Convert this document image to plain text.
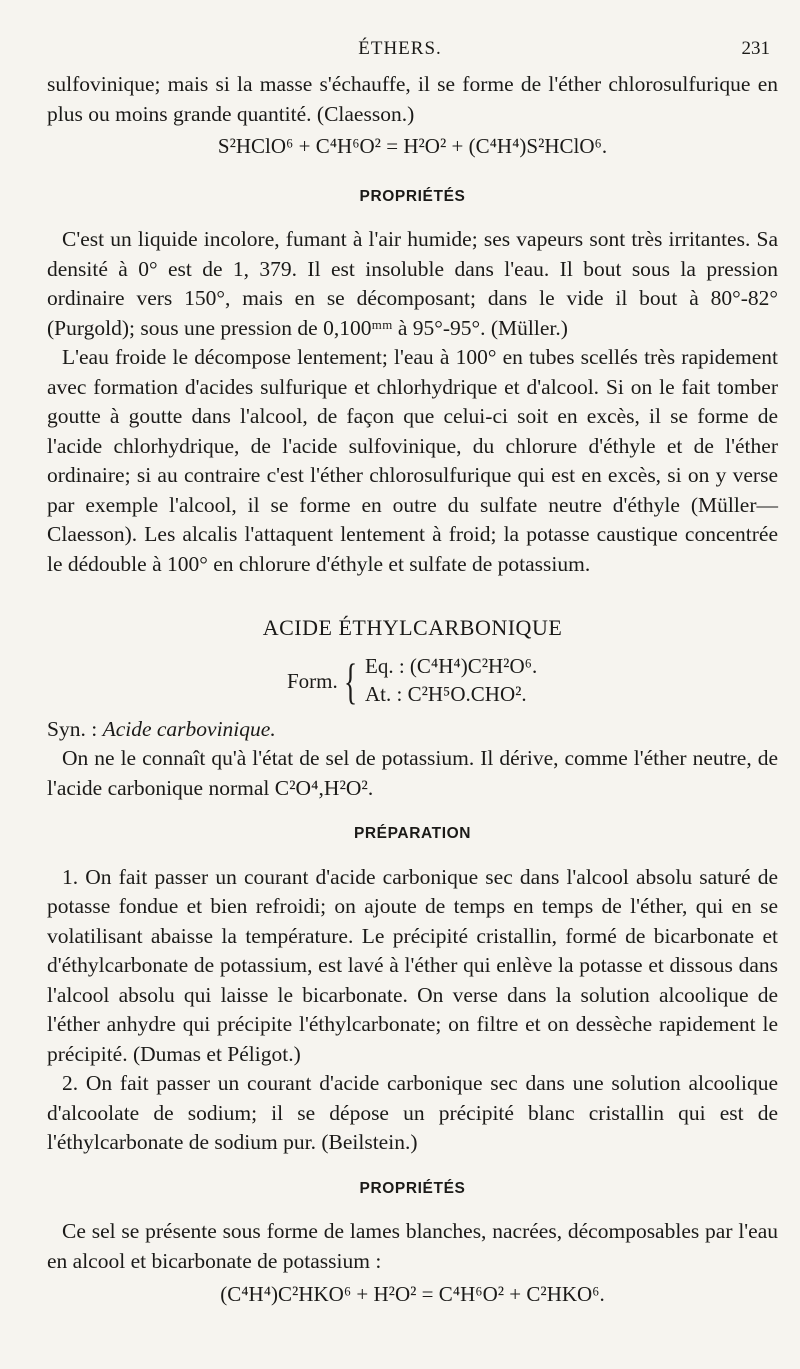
ÉTHERS.	231

sulfovinique; mais si la masse s'échauffe, il se forme de l'éther chlorosulfurique en plus ou moins grande quantité. (Claesson.)

S²HClO⁶ + C⁴H⁶O² = H²O² + (C⁴H⁴)S²HClO⁶.
PROPRIÉTÉS

C'est un liquide incolore, fumant à l'air humide; ses vapeurs sont très irritantes. Sa densité à 0° est de 1, 379. Il est insoluble dans l'eau. Il bout sous la pression ordinaire vers 150°, mais en se décomposant; dans le vide il bout à 80°-82° (Purgold); sous une pression de 0,100ᵐᵐ à 95°-95°. (Müller.)

L'eau froide le décompose lentement; l'eau à 100° en tubes scellés très rapidement avec formation d'acides sulfurique et chlorhydrique et d'alcool. Si on le fait tomber goutte à goutte dans l'alcool, de façon que celui-ci soit en excès, il se forme de l'acide chlorhydrique, de l'acide sulfovinique, du chlorure d'éthyle et de l'éther ordinaire; si au contraire c'est l'éther chlorosulfurique qui est en excès, si on y verse par exemple l'alcool, il se forme en outre du sulfate neutre d'éthyle (Müller—Claesson). Les alcalis l'attaquent lentement à froid; la potasse caustique concentrée le dédouble à 100° en chlorure d'éthyle et sulfate de potassium.

ACIDE ÉTHYLCARBONIQUE
Form. { Eq. : (C⁴H⁴)C²H²O⁶.
At. : C²H⁵O.CHO².

Syn. : Acide carbovinique.

On ne le connaît qu'à l'état de sel de potassium. Il dérive, comme l'éther neutre, de l'acide carbonique normal C²O⁴,H²O².

PRÉPARATION

1. On fait passer un courant d'acide carbonique sec dans l'alcool absolu saturé de potasse fondue et bien refroidi; on ajoute de temps en temps de l'éther, qui en se volatilisant abaisse la température. Le précipité cristallin, formé de bicarbonate et d'éthylcarbonate de potassium, est lavé à l'éther qui enlève la potasse et dissous dans l'alcool absolu qui laisse le bicarbonate. On verse dans la solution alcoolique de l'éther anhydre qui précipite l'éthylcarbonate; on filtre et on dessèche rapidement le précipité. (Dumas et Péligot.)

2. On fait passer un courant d'acide carbonique sec dans une solution alcoolique d'alcoolate de sodium; il se dépose un précipité blanc cristallin qui est de l'éthylcarbonate de sodium pur. (Beilstein.)

PROPRIÉTÉS

Ce sel se présente sous forme de lames blanches, nacrées, décomposables par l'eau en alcool et bicarbonate de potassium :

(C⁴H⁴)C²HKO⁶ + H²O² = C⁴H⁶O² + C²HKO⁶.
